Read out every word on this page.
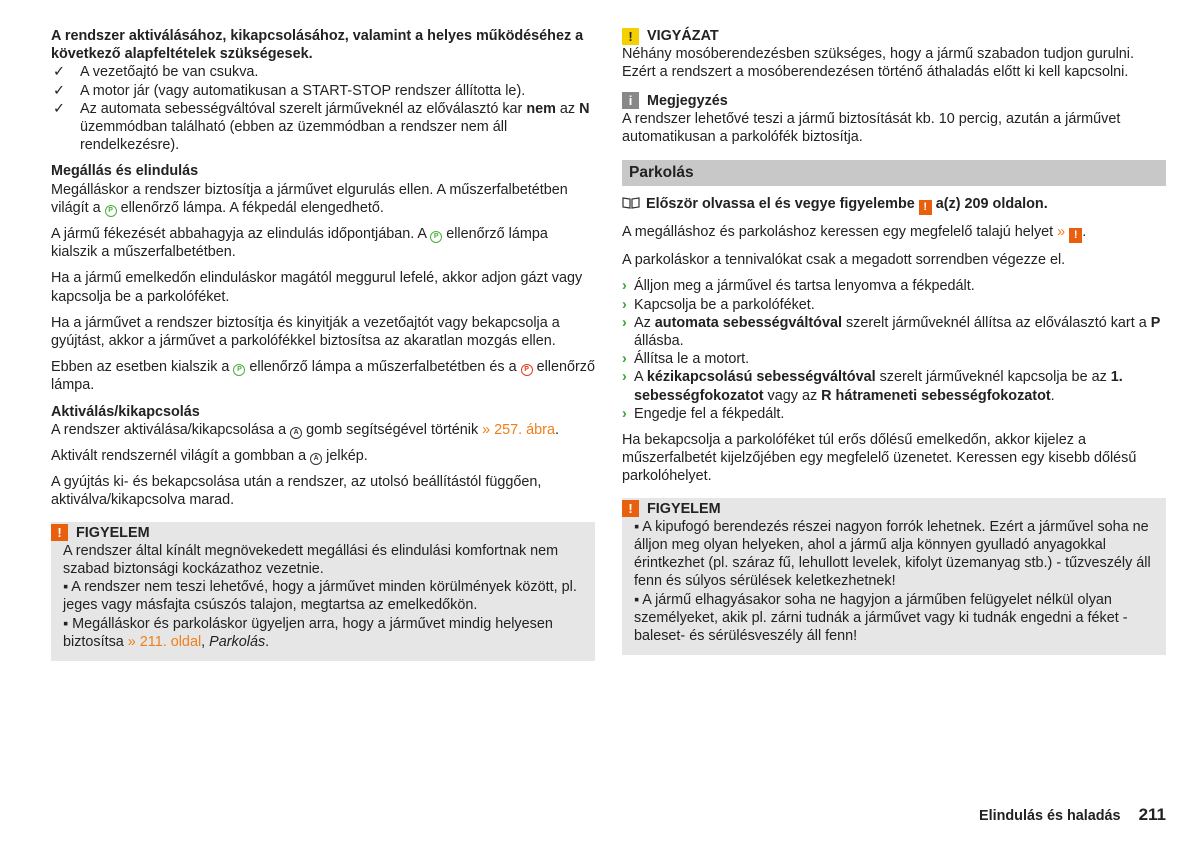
A rendszer aktiválásához, kikapcsolásához, valamint a helyes működéséhez a következő alapfeltételek szükségesek.

✓ A vezetőajtó be van csukva.
✓ A motor jár (vagy automatikusan a START-STOP rendszer állította le).
✓ Az automata sebességváltóval szerelt járműveknél az előválasztó kar nem az N üzemmódban található (ebben az üzemmódban a rendszer nem áll rendelkezésre).

Megállás és elindulás

Megálláskor a rendszer biztosítja a járművet elgurulás ellen. A műszerfalbetétben világít a P ellenőrző lámpa. A fékpedál elengedhető.

A jármű fékezését abbahagyja az elindulás időpontjában. A P ellenőrző lámpa kialszik a műszerfalbetétben.

Ha a jármű emelkedőn elinduláskor magától meggurul lefelé, akkor adjon gázt vagy kapcsolja be a parkolóféket.

Ha a járművet a rendszer biztosítja és kinyitják a vezetőajtót vagy bekapcsolja a gyújtást, akkor a járművet a parkolófékkel biztosítsa az akaratlan mozgás ellen.

Ebben az esetben kialszik a P ellenőrző lámpa a műszerfalbetétben és a P ellenőrző lámpa.

Aktiválás/kikapcsolás

A rendszer aktiválása/kikapcsolása a A gomb segítségével történik » 257. ábra.

Aktivált rendszernél világít a gombban a A jelkép.

A gyújtás ki- és bekapcsolása után a rendszer, az utolsó beállítástól függően, aktiválva/kikapcsolva marad.

! FIGYELEM

A rendszer által kínált megnövekedett megállási és elindulási komfortnak nem szabad biztonsági kockázathoz vezetnie.

▪ A rendszer nem teszi lehetővé, hogy a járművet minden körülmények között, pl. jeges vagy másfajta csúszós talajon, megtartsa az emelkedőkön.

▪ Megálláskor és parkoláskor ügyeljen arra, hogy a járművet mindig helyesen biztosítsa » 211. oldal, Parkolás.

! VIGYÁZAT

Néhány mosóberendezésben szükséges, hogy a jármű szabadon tudjon gurulni. Ezért a rendszert a mosóberendezésen történő áthaladás előtt ki kell kapcsolni.

i	Megjegyzés

A rendszer lehetővé teszi a jármű biztosítását kb. 10 percig, azután a járművet automatikusan a parkolófék biztosítja.

Parkolás

Először olvassa el és vegye figyelembe ! a(z) 209 oldalon.

A megálláshoz és parkoláshoz keressen egy megfelelő talajú helyet » ! .

A parkoláskor a tennivalókat csak a megadott sorrendben végezze el.

› Álljon meg a járművel és tartsa lenyomva a fékpedált.
› Kapcsolja be a parkolóféket.
› Az automata sebességváltóval szerelt járműveknél állítsa az előválasztó kart a P állásba.
› Állítsa le a motort.
› A kézikapcsolású sebességváltóval szerelt járműveknél kapcsolja be az 1. sebességfokozatot vagy az R hátrameneti sebességfokozatot.
› Engedje fel a fékpedált.

Ha bekapcsolja a parkolóféket túl erős dőlésű emelkedőn, akkor kijelez a műszerfalbetét kijelzőjében egy megfelelő üzenetet. Keressen egy kisebb dőlésű parkolóhelyet.

! FIGYELEM

▪ A kipufogó berendezés részei nagyon forrók lehetnek. Ezért a járművel soha ne álljon meg olyan helyeken, ahol a jármű alja könnyen gyulladó anyagokkal érintkezhet (pl. száraz fű, lehullott levelek, kifolyt üzemanyag stb.) - tűzveszély áll fenn és súlyos sérülések keletkezhetnek!

▪ A jármű elhagyásakor soha ne hagyjon a járműben felügyelet nélkül olyan személyeket, akik pl. zárni tudnák a járművet vagy ki tudnák engedni a féket - baleset- és sérülésveszély áll fenn!

Elindulás és haladás 211
